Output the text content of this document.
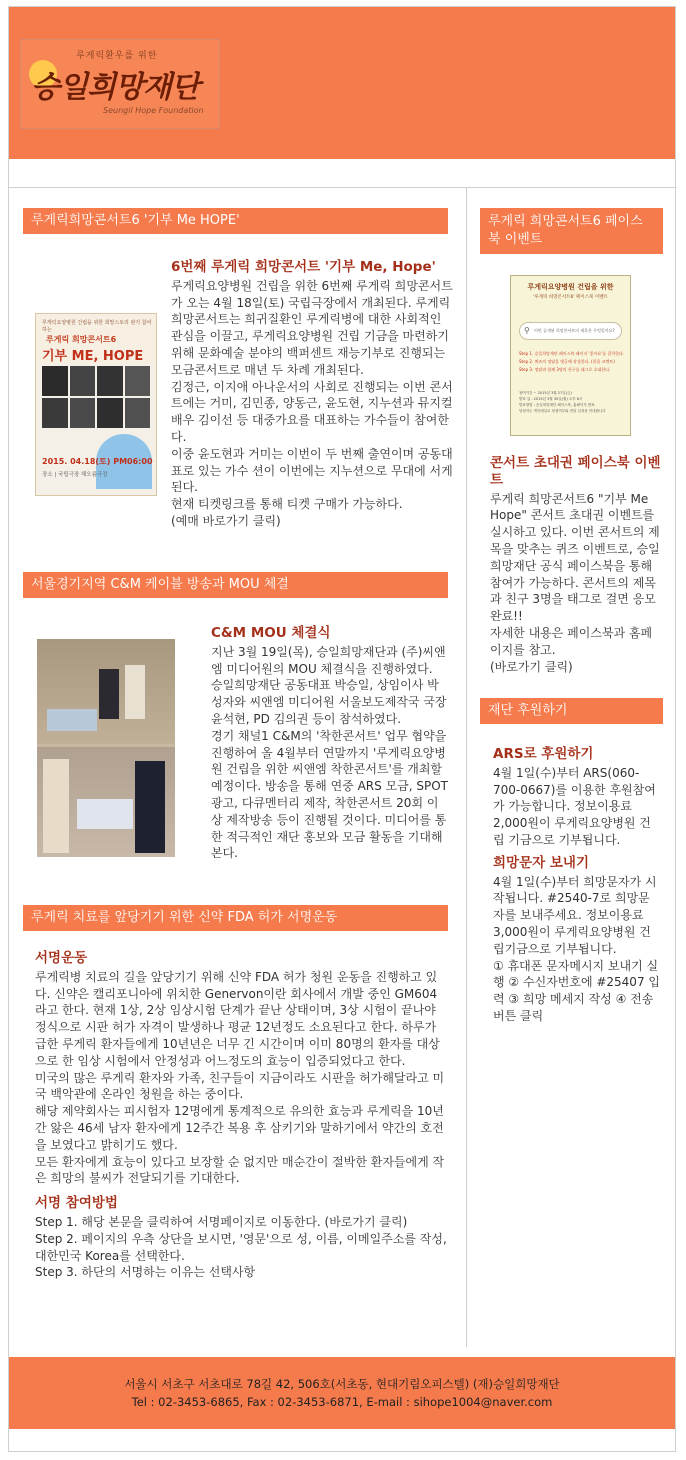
루게릭환우를 위한
승일희망재단
Seungil Hope Foundation
루게릭희망콘서트6 '기부 Me HOPE'
루게릭요양병원 건립을 위한 희망스토리 관기 참여 하는
루게릭 희망콘서트6
기부 ME, HOPE
2015. 04.18(토) PM06:00
장소 | 국립극장 해오름극장
6번째 루게릭 희망콘서트 '기부 Me, Hope'

루게릭요양병원 건립을 위한 6번째 루게릭 희망콘서트가 오는 4월 18일(토) 국립극장에서 개최된다. 루게릭 희망콘서트는 희귀질환인 루게릭병에 대한 사회적인 관심을 이끌고, 루게릭요양병원 건립 기금을 마련하기 위해 문화예술 분야의 백퍼센트 재능기부로 진행되는 모금콘서트로 매년 두 차례 개최된다.

김정근, 이지애 아나운서의 사회로 진행되는 이번 콘서트에는 거미, 김민종, 양동근, 윤도현, 지누션과 뮤지컬배우 김이선 등 대중가요를 대표하는 가수들이 참여한다.

이중 윤도현과 거미는 이번이 두 번째 출연이며 공동대표로 있는 가수 션이 이번에는 지누션으로 무대에 서게 된다.

현재 티켓링크를 통해 티켓 구매가 가능하다.

(예매 바로가기 클릭)

서울경기지역 C&M 케이블 방송과 MOU 체결
C&M MOU 체결식

지난 3월 19일(목), 승일희망재단과 (주)씨앤엠 미디어원의 MOU 체결식을 진행하였다.

승일희망재단 공동대표 박승일, 상임이사 박성자와 씨앤엠 미디어원 서울보도제작국 국장 윤석현, PD 김의권 등이 참석하였다.

경기 채널1 C&M의 '착한콘서트' 업무 협약을 진행하여 올 4월부터 연말까지 '루게릭요양병원 건립을 위한 씨앤엠 착한콘서트'를 개최할 예정이다. 방송을 통해 연중 ARS 모금, SPOT광고, 다큐멘터리 제작, 착한콘서트 20회 이상 제작방송 등이 진행될 것이다. 미디어를 통한 적극적인 재단 홍보와 모금 활동을 기대해본다.

루게릭 치료를 앞당기기 위한 신약 FDA 허가 서명운동
서명운동

루게릭병 치료의 길을 앞당기기 위해 신약 FDA 허가 청원 운동을 진행하고 있다. 신약은 캘리포니아에 위치한 Genervon이란 회사에서 개발 중인 GM604라고 한다. 현재 1상, 2상 임상시험 단계가 끝난 상태이며, 3상 시험이 끝나야 정식으로 시판 허가 자격이 발생하나 평균 12년정도 소요된다고 한다. 하루가 급한 루게릭 환자들에게 10년년은 너무 긴 시간이며 이미 80명의 환자를 대상으로 한 임상 시험에서 안정성과 어느정도의 효능이 입증되었다고 한다.

미국의 많은 루게릭 환자와 가족, 친구들이 지금이라도 시판을 허가해달라고 미국 백악관에 온라인 청원을 하는 중이다.

해당 제약회사는 피시험자 12명에게 통계적으로 유의한 효능과 루게릭을 10년간 앓은 46세 남자 환자에게 12주간 복용 후 삼키기와 말하기에서 약간의 호전을 보였다고 밝히기도 했다.

모든 환자에게 효능이 있다고 보장할 순 없지만 매순간이 절박한 환자들에게 작은 희망의 불씨가 전달되기를 기대한다.

서명 참여방법

Step 1. 해당 본문을 클릭하여 서명페이지로 이동한다. (바로가기 클릭)

Step 2. 페이지의 우측 상단을 보시면, '영문'으로 성, 이름, 이메일주소를 작성, 대한민국 Korea를 선택한다.

Step 3. 하단의 서명하는 이유는 선택사항

루게릭 희망콘서트6 페이스북 이벤트
루게릭요양병원 건립을 위한
'루게릭 희망콘서트6' 페이스북 이벤트
⚲ 이번 공개된 희망콘서트의 제목은 무엇일까요?
Step 1. 승일희망재단 페이스북 페이지 '좋아요'를 클릭한다.
Step 2. 퀴즈의 정답을 댓글에 작성한다. (한줄 코멘트)
Step 3. 정답과 함께 3명의 친구를 태그로 초대한다.
참여기간 ~ 2015년 3월 27일(금)
발표 일 : 2015년 3월 30일(월) 오후 6시
발표방법 : 승일희망재단 페이스북, 홈페이지 발표
당첨자는 개인메일로 당첨여부와 전달 일정을 안내합니다
콘서트 초대권 페이스북 이벤트

루게릭 희망콘서트6 "기부 Me Hope" 콘서트 초대권 이벤트를 실시하고 있다. 이번 콘서트의 제목을 맞추는 퀴즈 이벤트로, 승일희망재단 공식 페이스북을 통해 참여가 가능하다. 콘서트의 제목과 친구 3명을 태그로 걸면 응모 완료!!

자세한 내용은 페이스북과 홈페이지를 참고.

(바로가기 클릭)

재단 후원하기
ARS로 후원하기

4월 1일(수)부터 ARS(060-700-0667)를 이용한 후원참여가 가능합니다. 정보이용료 2,000원이 루게릭요양병원 건립 기금으로 기부됩니다.

희망문자 보내기

4월 1일(수)부터 희망문자가 시작됩니다. #2540-7로 희망문자를 보내주세요. 정보이용료 3,000원이 루게릭요양병원 건립기금으로 기부됩니다.

① 휴대폰 문자메시지 보내기 실행 ② 수신자번호에 #25407 입력 ③ 희망 메세지 작성 ④ 전송버튼 클릭

서울시 서초구 서초대로 78길 42, 506호(서초동, 현대기림오피스텔) (재)승일희망재단
Tel : 02-3453-6865, Fax : 02-3453-6871, E-mail : sihope1004@naver.com
